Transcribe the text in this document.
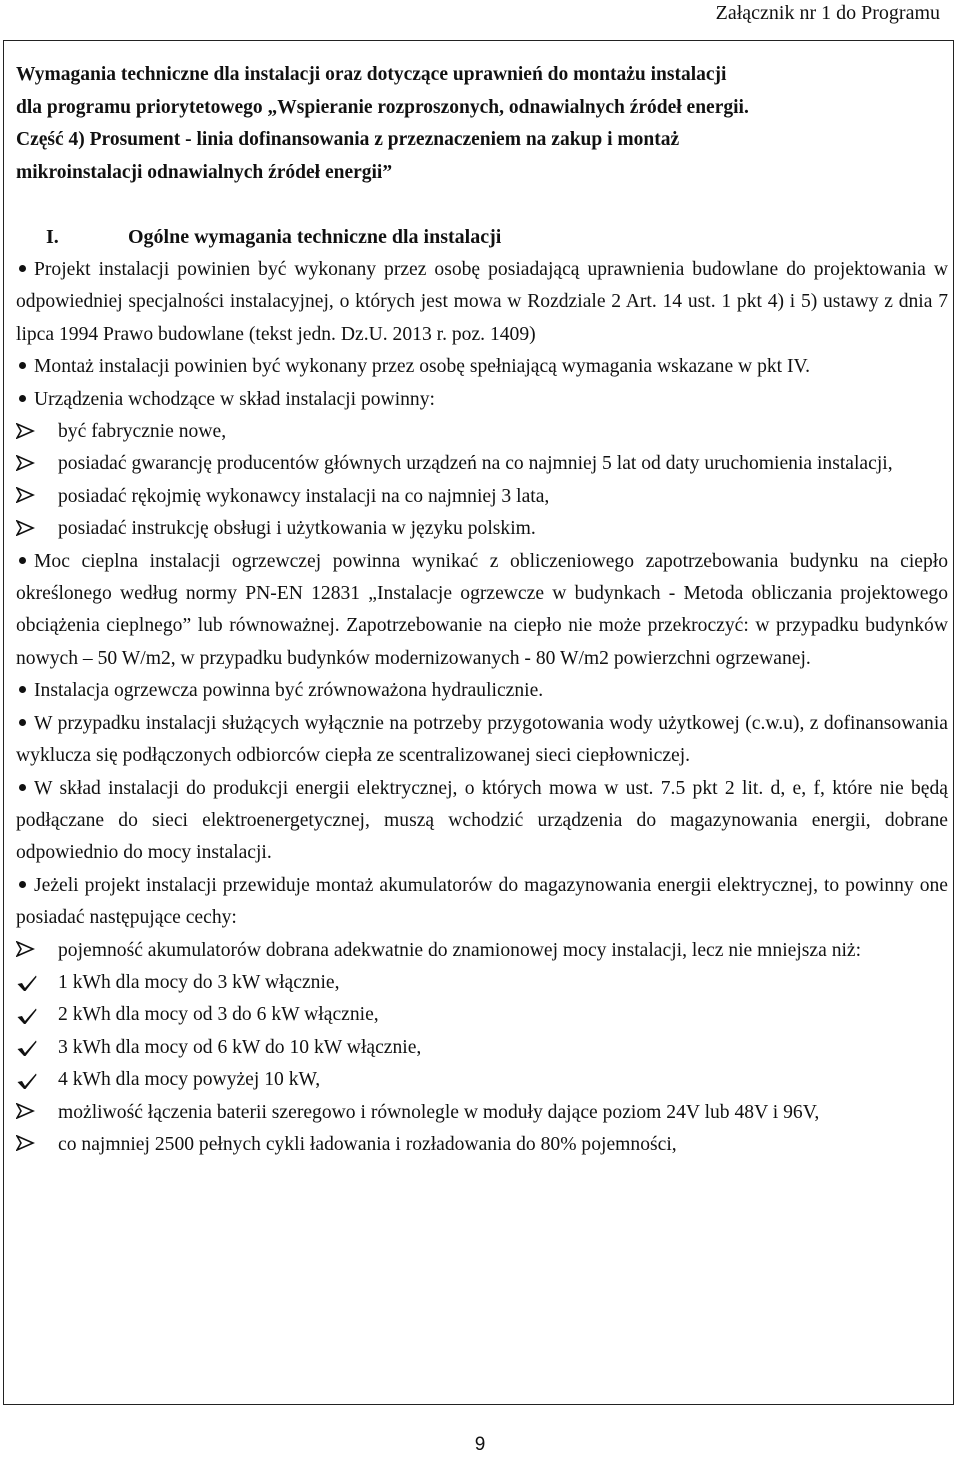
Załącznik nr 1 do Programu
Wymagania techniczne dla instalacji oraz dotyczące uprawnień do montażu instalacji
dla programu priorytetowego „Wspieranie rozproszonych, odnawialnych źródeł energii.
Część 4) Prosument - linia dofinansowania z przeznaczeniem na zakup i montaż
mikroinstalacji odnawialnych źródeł energii”
I.	Ogólne wymagania techniczne dla instalacji

Projekt instalacji powinien być wykonany przez osobę posiadającą uprawnienia budowlane do projektowania w odpowiedniej specjalności instalacyjnej, o których jest mowa w Rozdziale 2 Art. 14 ust. 1 pkt 4) i 5) ustawy z dnia 7 lipca 1994 Prawo budowlane (tekst jedn. Dz.U. 2013 r. poz. 1409)

Montaż instalacji powinien być wykonany przez osobę spełniającą wymagania wskazane w pkt IV.

Urządzenia wchodzące w skład instalacji powinny:

być fabrycznie nowe,

posiadać gwarancję producentów głównych urządzeń na co najmniej 5 lat od daty uruchomienia instalacji,

posiadać rękojmię wykonawcy instalacji na co najmniej 3 lata,

posiadać instrukcję obsługi i użytkowania w języku polskim.

Moc cieplna instalacji ogrzewczej powinna wynikać z obliczeniowego zapotrzebowania budynku na ciepło określonego według normy PN-EN 12831 „Instalacje ogrzewcze w budynkach - Metoda obliczania projektowego obciążenia cieplnego” lub równoważnej. Zapotrzebowanie na ciepło nie może przekroczyć: w przypadku budynków nowych – 50 W/m2, w przypadku budynków modernizowanych - 80 W/m2 powierzchni ogrzewanej.

Instalacja ogrzewcza powinna być zrównoważona hydraulicznie.

W przypadku instalacji służących wyłącznie na potrzeby przygotowania wody użytkowej (c.w.u), z dofinansowania wyklucza się podłączonych odbiorców ciepła ze scentralizowanej sieci ciepłowniczej.

W skład instalacji do produkcji energii elektrycznej, o których mowa w ust. 7.5 pkt 2 lit. d, e, f, które nie będą podłączane do sieci elektroenergetycznej, muszą wchodzić urządzenia do magazynowania energii, dobrane odpowiednio do mocy instalacji.

Jeżeli projekt instalacji przewiduje montaż akumulatorów do magazynowania energii elektrycznej, to powinny one posiadać następujące cechy:

pojemność akumulatorów dobrana adekwatnie do znamionowej mocy instalacji, lecz nie mniejsza niż:

1 kWh dla mocy do 3 kW włącznie,

2 kWh dla mocy od 3 do 6 kW włącznie,

3 kWh dla mocy od 6 kW do 10 kW włącznie,

4 kWh dla mocy powyżej 10 kW,

możliwość łączenia baterii szeregowo i równolegle w moduły dające poziom 24V lub 48V i 96V,

co najmniej 2500 pełnych cykli ładowania i rozładowania do 80% pojemności,

9
